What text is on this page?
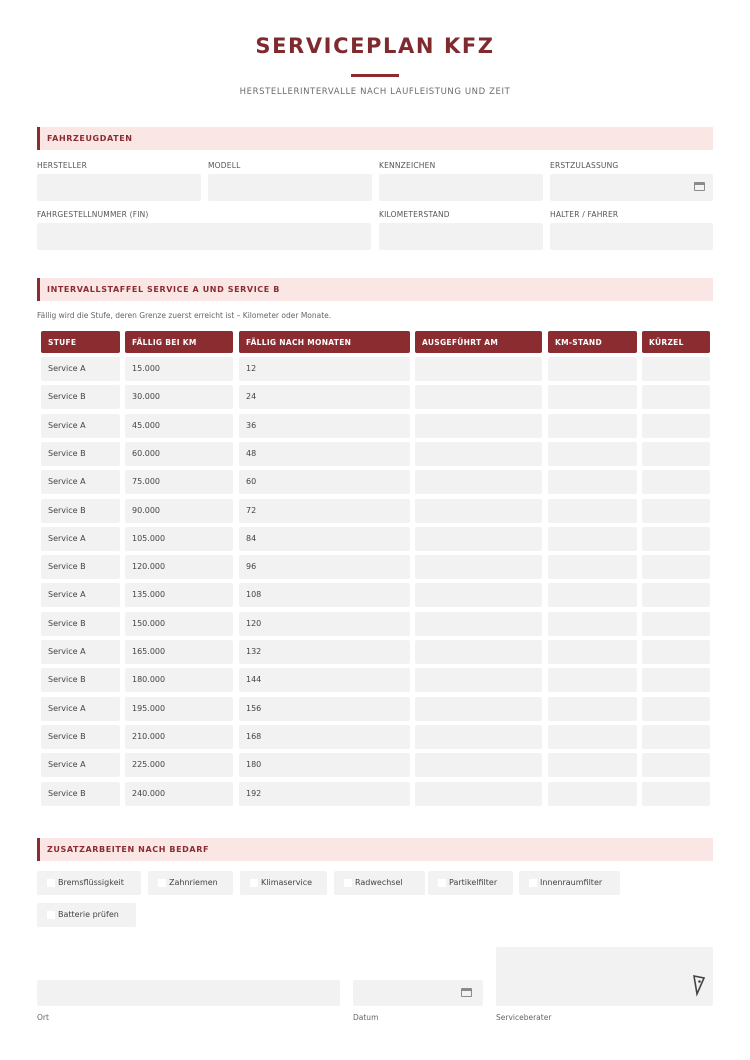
SERVICEPLAN KFZ
HERSTELLERINTERVALLE NACH LAUFLEISTUNG UND ZEIT
FAHRZEUGDATEN
HERSTELLER	MODELL	KENNZEICHEN	ERSTZULASSUNG
FAHRGESTELLNUMMER (FIN)	KILOMETERSTAND	HALTER / FAHRER
INTERVALLSTAFFEL SERVICE A UND SERVICE B
Fällig wird die Stufe, deren Grenze zuerst erreicht ist – Kilometer oder Monate.
STUFE	FÄLLIG BEI KM	FÄLLIG NACH MONATEN	AUSGEFÜHRT AM	KM-STAND	KÜRZEL
Service A	15.000	12
Service B	30.000	24
Service A	45.000	36
Service B	60.000	48
Service A	75.000	60
Service B	90.000	72
Service A	105.000	84
Service B	120.000	96
Service A	135.000	108
Service B	150.000	120
Service A	165.000	132
Service B	180.000	144
Service A	195.000	156
Service B	210.000	168
Service A	225.000	180
Service B	240.000	192
ZUSATZARBEITEN NACH BEDARF
Bremsflüssigkeit	Zahnriemen	Klimaservice	Radwechsel	Partikelfilter	Innenraumfilter
Batterie prüfen
Ort	Datum	Serviceberater
